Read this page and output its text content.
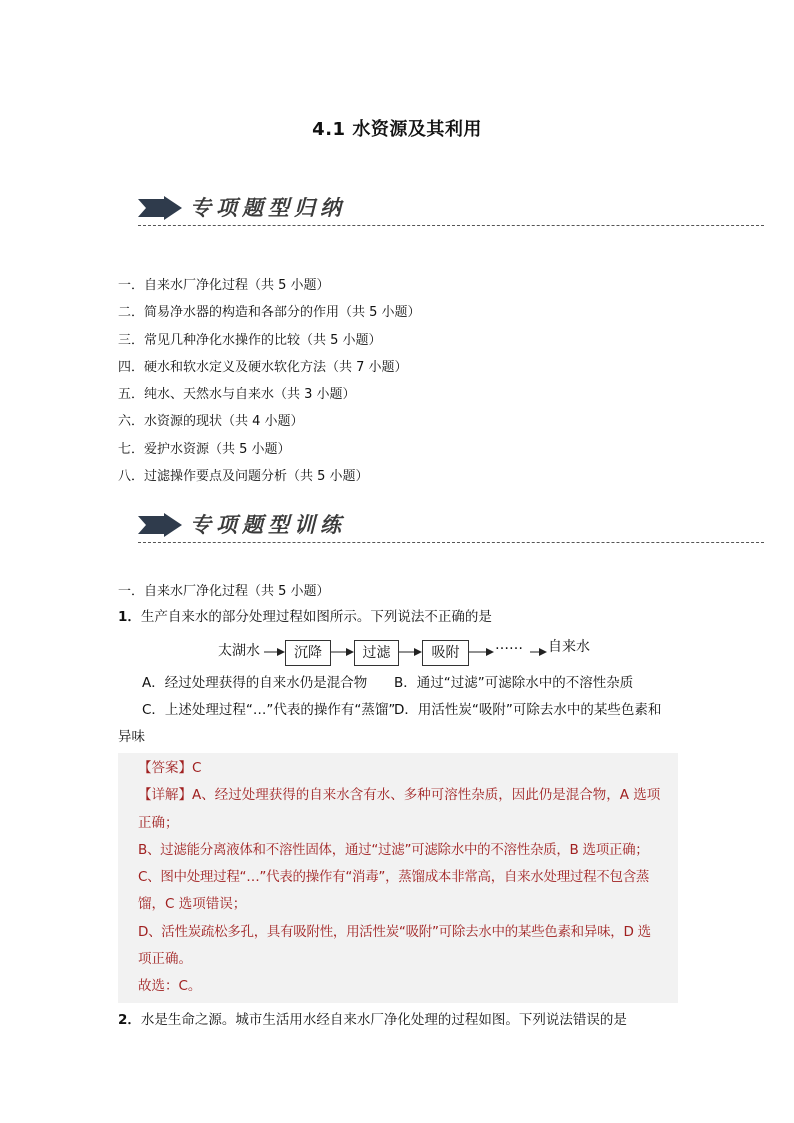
4.1 水资源及其利用
专项题型归纳
一．自来水厂净化过程（共 5 小题）
二．简易净水器的构造和各部分的作用（共 5 小题）
三．常见几种净化水操作的比较（共 5 小题）
四．硬水和软水定义及硬水软化方法（共 7 小题）
五．纯水、天然水与自来水（共 3 小题）
六．水资源的现状（共 4 小题）
七．爱护水资源（共 5 小题）
八．过滤操作要点及问题分析（共 5 小题）
专项题型训练
一．自来水厂净化过程（共 5 小题）
1．生产自来水的部分处理过程如图所示。下列说法不正确的是
太湖水	沉降	过滤	吸附	…… 自来水
A．经过处理获得的自来水仍是混合物 B．通过“过滤”可滤除水中的不溶性杂质
C．上述处理过程“…”代表的操作有“蒸馏”D．用活性炭“吸附”可除去水中的某些色素和
异味
【答案】C
【详解】A、经过处理获得的自来水含有水、多种可溶性杂质，因此仍是混合物，A 选项
正确；
B、过滤能分离液体和不溶性固体，通过“过滤”可滤除水中的不溶性杂质，B 选项正确；
C、图中处理过程“…”代表的操作有“消毒”，蒸馏成本非常高，自来水处理过程不包含蒸
馏，C 选项错误；
D、活性炭疏松多孔，具有吸附性，用活性炭“吸附”可除去水中的某些色素和异味，D 选
项正确。
故选：C。
2．水是生命之源。城市生活用水经自来水厂净化处理的过程如图。下列说法错误的是
